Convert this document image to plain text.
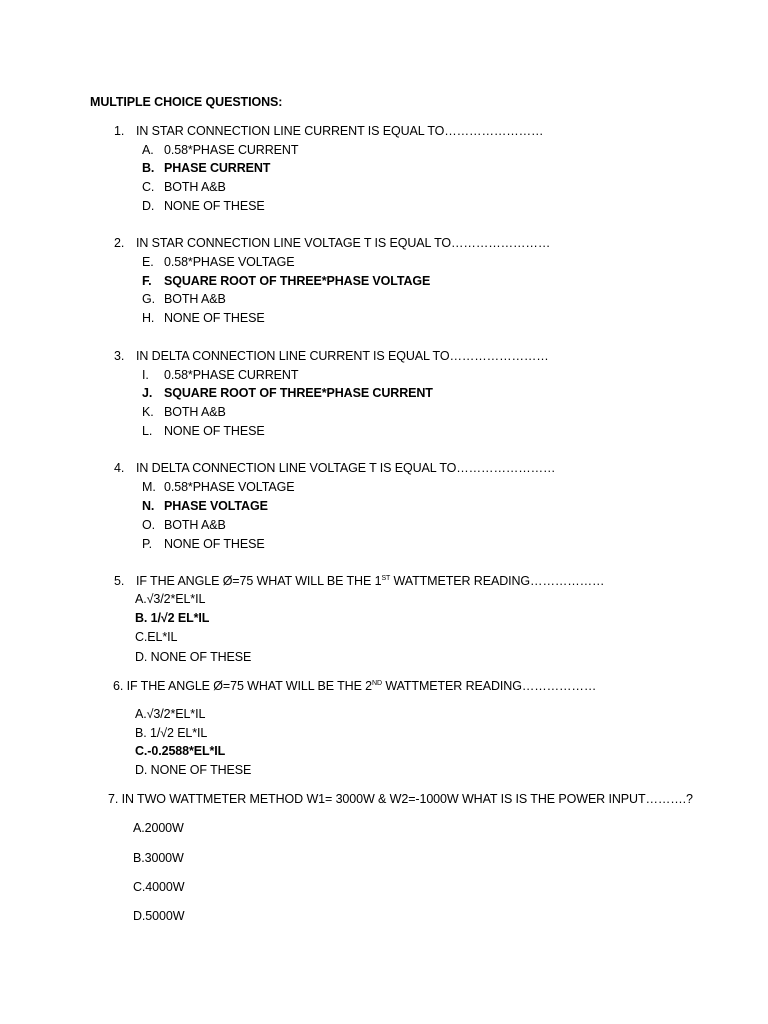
MULTIPLE CHOICE QUESTIONS:
1. IN STAR CONNECTION LINE CURRENT IS EQUAL TO……………………
A. 0.58*PHASE CURRENT
B. PHASE CURRENT
C. BOTH A&B
D. NONE OF THESE
2. IN STAR CONNECTION LINE VOLTAGE T IS EQUAL TO……………………
E. 0.58*PHASE VOLTAGE
F. SQUARE ROOT OF THREE*PHASE VOLTAGE
G. BOTH A&B
H. NONE OF THESE
3. IN DELTA CONNECTION LINE CURRENT IS EQUAL TO……………………
I. 0.58*PHASE CURRENT
J. SQUARE ROOT OF THREE*PHASE CURRENT
K. BOTH A&B
L. NONE OF THESE
4. IN DELTA CONNECTION LINE VOLTAGE T IS EQUAL TO……………………
M. 0.58*PHASE VOLTAGE
N. PHASE VOLTAGE
O. BOTH A&B
P. NONE OF THESE
5. IF THE ANGLE Ø=75 WHAT WILL BE THE 1ST WATTMETER READING………………
A.√3/2*EL*IL
B. 1/√2 EL*IL
C.EL*IL
D. NONE OF THESE
6. IF THE ANGLE Ø=75 WHAT WILL BE THE 2ND WATTMETER READING………………
A.√3/2*EL*IL
B. 1/√2 EL*IL
C.-0.2588*EL*IL
D. NONE OF THESE
7. IN TWO WATTMETER METHOD W1= 3000W & W2=-1000W WHAT IS IS THE POWER INPUT……….?
A.2000W
B.3000W
C.4000W
D.5000W
